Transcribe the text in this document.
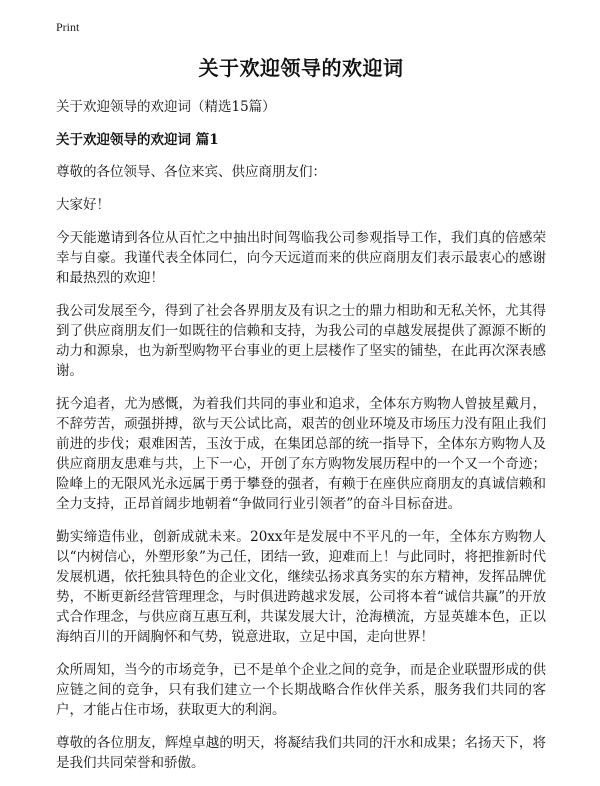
Print
关于欢迎领导的欢迎词
关于欢迎领导的欢迎词（精选15篇）
关于欢迎领导的欢迎词 篇1

尊敬的各位领导、各位来宾、供应商朋友们：

大家好！

今天能邀请到各位从百忙之中抽出时间驾临我公司参观指导工作，我们真的倍感荣幸与自豪。我谨代表全体同仁，向今天远道而来的供应商朋友们表示最衷心的感谢和最热烈的欢迎！

我公司发展至今，得到了社会各界朋友及有识之士的鼎力相助和无私关怀，尤其得到了供应商朋友们一如既往的信赖和支持，为我公司的卓越发展提供了源源不断的动力和源泉，也为新型购物平台事业的更上层楼作了坚实的铺垫，在此再次深表感谢。

抚今追者，尤为感慨，为着我们共同的事业和追求，全体东方购物人曾披星戴月，不辞劳苦，顽强拼搏，欲与天公试比高，艰苦的创业环境及市场压力没有阻止我们前进的步伐；艰难困苦，玉汝于成，在集团总部的统一指导下，全体东方购物人及供应商朋友患难与共，上下一心，开创了东方购物发展历程中的一个又一个奇迹；险峰上的无限风光永远属于勇于攀登的强者，有赖于在座供应商朋友的真诚信赖和全力支持，正昂首阔步地朝着“争做同行业引领者”的奋斗目标奋进。

勤实缔造伟业，创新成就未来。20xx年是发展中不平凡的一年，全体东方购物人以“内树信心，外塑形象”为己任，团结一致，迎难而上！与此同时，将把推新时代发展机遇，依托独具特色的企业文化，继续弘扬求真务实的东方精神，发挥品牌优势，不断更新经营管理理念，与时俱进跨越求发展，公司将本着“诚信共赢”的开放式合作理念，与供应商互惠互利，共谋发展大计，沧海横流，方显英雄本色，正以海纳百川的开阔胸怀和气势，锐意进取，立足中国，走向世界！

众所周知，当今的市场竞争，已不是单个企业之间的竞争，而是企业联盟形成的供应链之间的竞争，只有我们建立一个长期战略合作伙伴关系，服务我们共同的客户，才能占住市场，获取更大的利润。

尊敬的各位朋友，辉煌卓越的明天，将凝结我们共同的汗水和成果；名扬天下，将是我们共同荣誉和骄傲。
